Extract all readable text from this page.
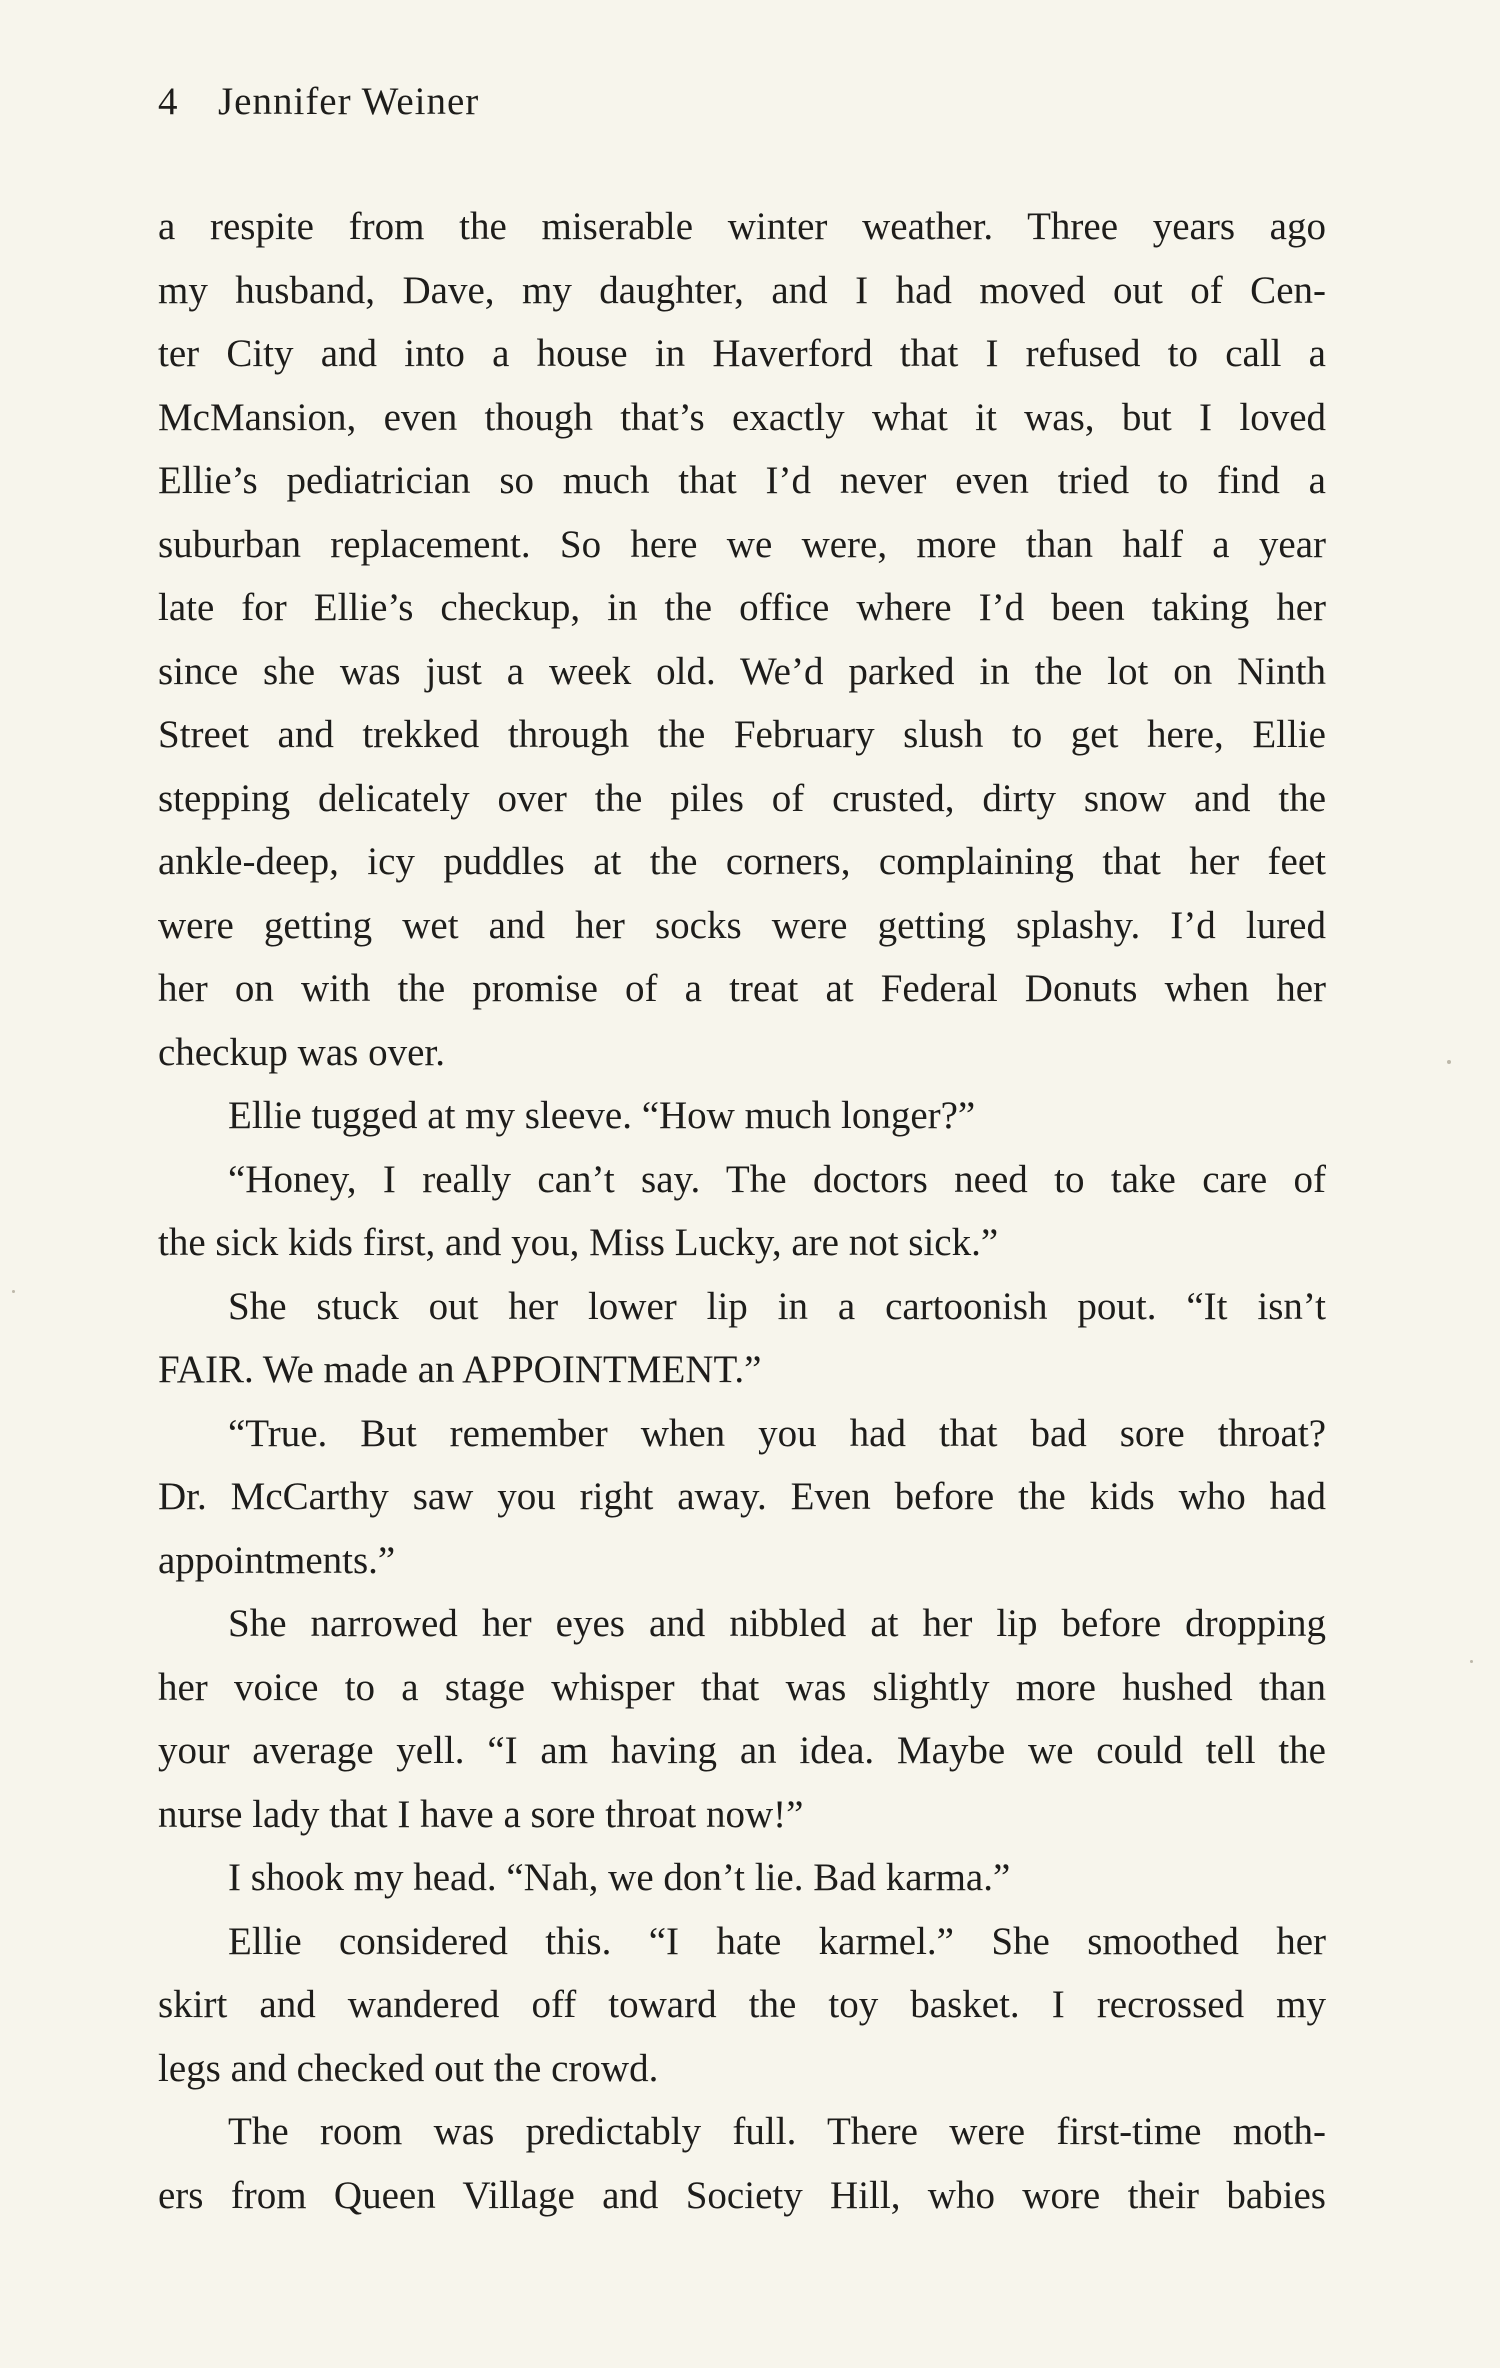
4 Jennifer Weiner
a respite from the miserable winter weather. Three years ago
my husband, Dave, my daughter, and I had moved out of Cen-
ter City and into a house in Haverford that I refused to call a
McMansion, even though that’s exactly what it was, but I loved
Ellie’s pediatrician so much that I’d never even tried to find a
suburban replacement. So here we were, more than half a year
late for Ellie’s checkup, in the office where I’d been taking her
since she was just a week old. We’d parked in the lot on Ninth
Street and trekked through the February slush to get here, Ellie
stepping delicately over the piles of crusted, dirty snow and the
ankle-deep, icy puddles at the corners, complaining that her feet
were getting wet and her socks were getting splashy. I’d lured
her on with the promise of a treat at Federal Donuts when her
checkup was over.
Ellie tugged at my sleeve. “How much longer?”
“Honey, I really can’t say. The doctors need to take care of
the sick kids first, and you, Miss Lucky, are not sick.”
She stuck out her lower lip in a cartoonish pout. “It isn’t
FAIR. We made an APPOINTMENT.”
“True. But remember when you had that bad sore throat?
Dr. McCarthy saw you right away. Even before the kids who had
appointments.”
She narrowed her eyes and nibbled at her lip before dropping
her voice to a stage whisper that was slightly more hushed than
your average yell. “I am having an idea. Maybe we could tell the
nurse lady that I have a sore throat now!”
I shook my head. “Nah, we don’t lie. Bad karma.”
Ellie considered this. “I hate karmel.” She smoothed her
skirt and wandered off toward the toy basket. I recrossed my
legs and checked out the crowd.
The room was predictably full. There were first-time moth-
ers from Queen Village and Society Hill, who wore their babies
